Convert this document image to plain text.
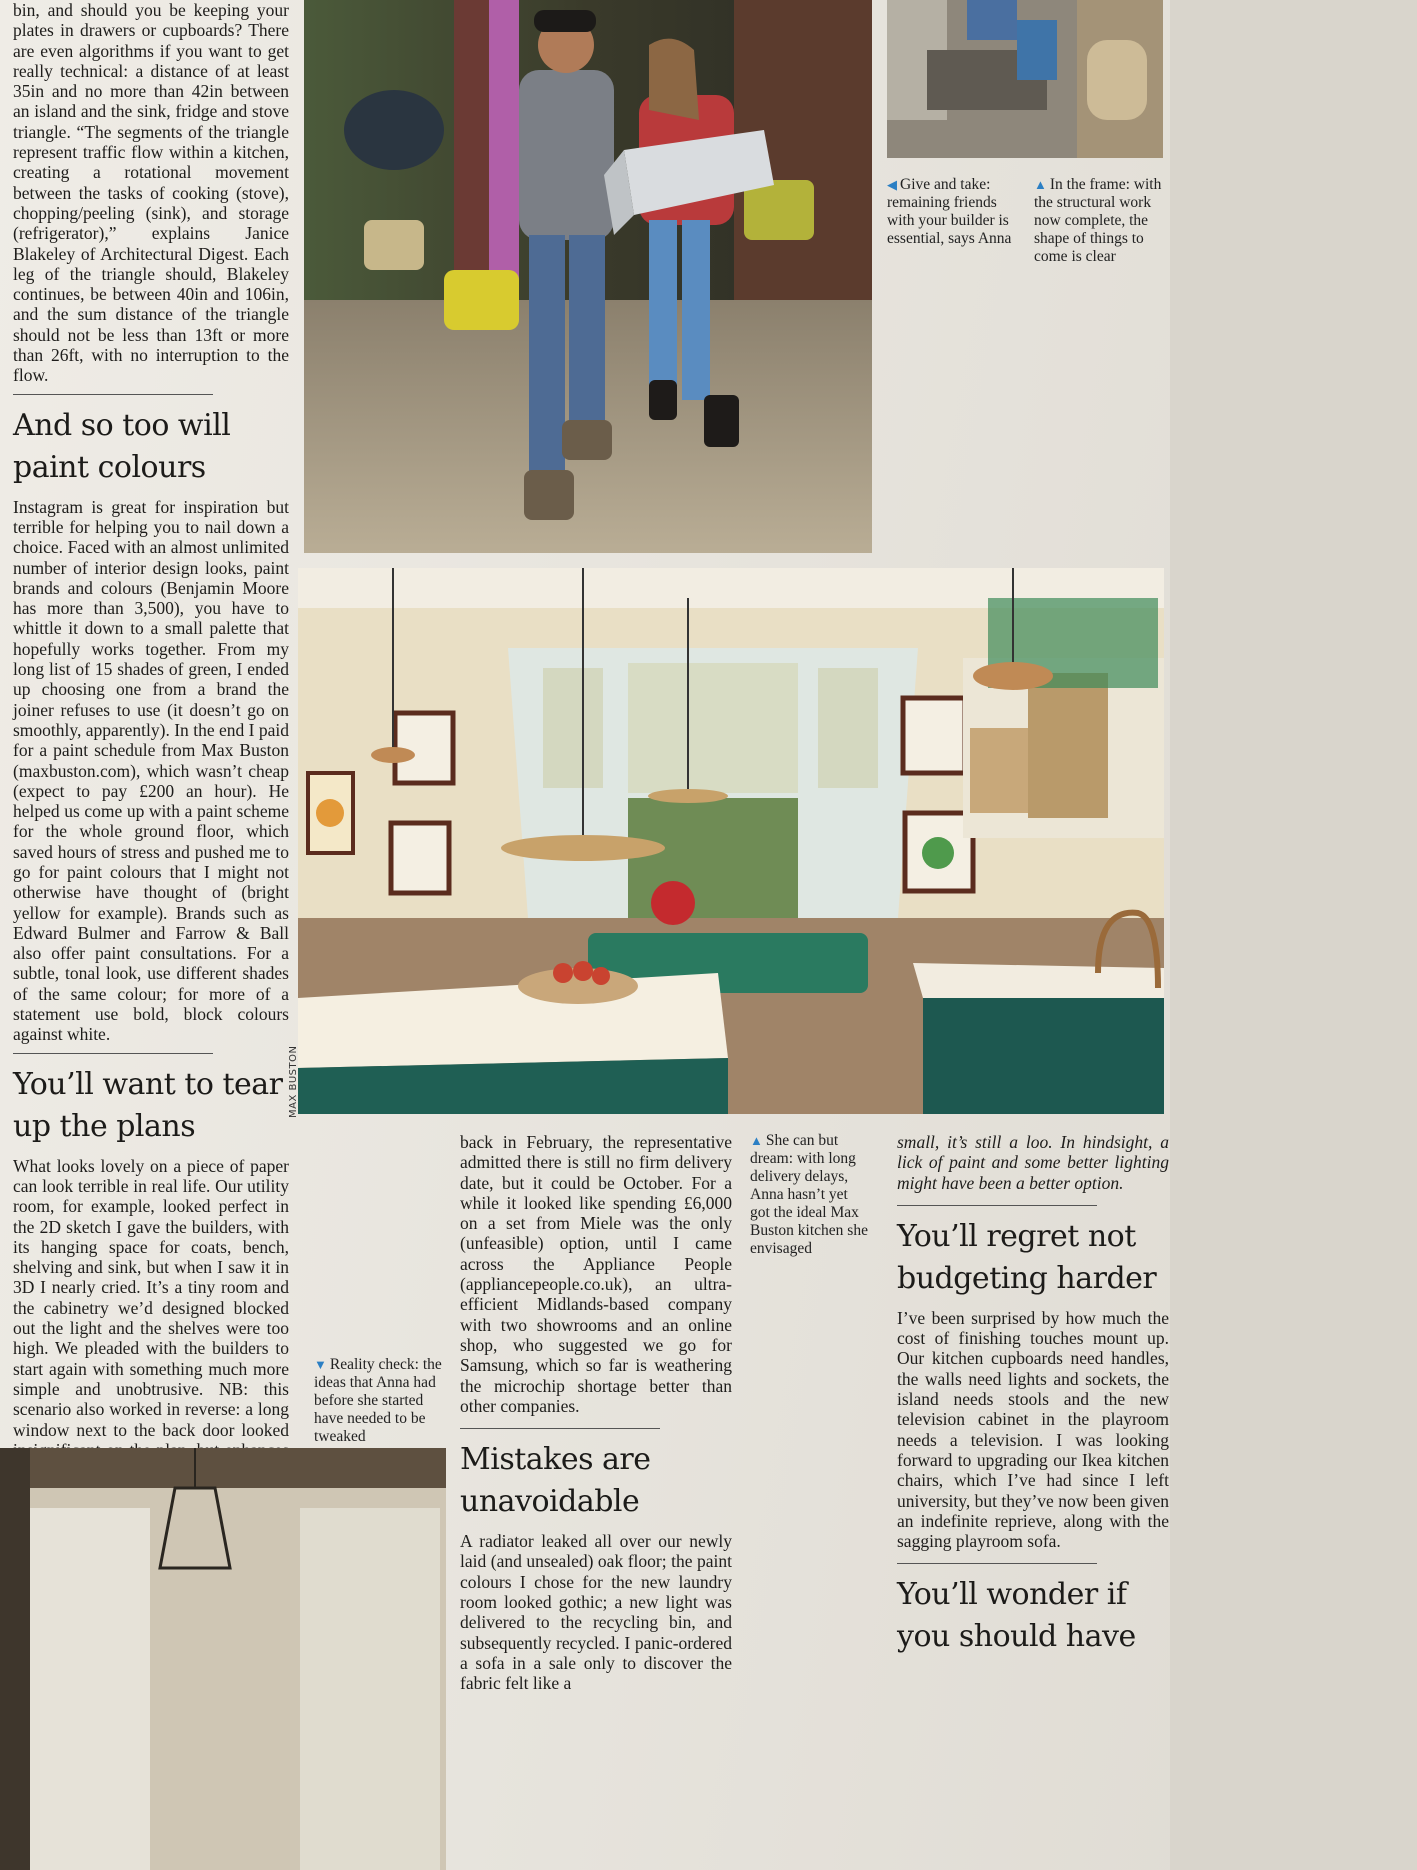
bin, and should you be keeping your plates in drawers or cupboards? There are even algorithms if you want to get really technical: a distance of at least 35in and no more than 42in between an island and the sink, fridge and stove triangle. “The segments of the triangle represent traffic flow within a kitchen, creating a rotational movement between the tasks of cooking (stove), chopping/peeling (sink), and storage (refrigerator),” explains Janice Blakeley of Architectural Digest. Each leg of the triangle should, Blakeley continues, be between 40in and 106in, and the sum distance of the triangle should not be less than 13ft or more than 26ft, with no interruption to the flow.

And so too will paint colours

Instagram is great for inspiration but terrible for helping you to nail down a choice. Faced with an almost unlimited number of interior design looks, paint brands and colours (Benjamin Moore has more than 3,500), you have to whittle it down to a small palette that hopefully works together. From my long list of 15 shades of green, I ended up choosing one from a brand the joiner refuses to use (it doesn’t go on smoothly, apparently). In the end I paid for a paint schedule from Max Buston (maxbuston.com), which wasn’t cheap (expect to pay £200 an hour). He helped us come up with a paint scheme for the whole ground floor, which saved hours of stress and pushed me to go for paint colours that I might not otherwise have thought of (bright yellow for example). Brands such as Edward Bulmer and Farrow & Ball also offer paint consultations. For a subtle, tonal look, use different shades of the same colour; for more of a statement use bold, block colours against white.

You’ll want to tear up the plans

What looks lovely on a piece of paper can look terrible in real life. Our utility room, for example, looked perfect in the 2D sketch I gave the builders, with its hanging space for coats, bench, shelving and sink, but when I saw it in 3D I nearly cried. It’s a tiny room and the cabinetry we’d designed blocked out the light and the shelves were too high. We pleaded with the builders to start again with something much more simple and unobtrusive. NB: this scenario also worked in reverse: a long window next to the back door looked

◀ Give and take: remaining friends with your builder is essential, says Anna
▲ In the frame: with the structural work now complete, the shape of things to come is clear
MAX BUSTON
▲ She can but dream: with long delivery delays, Anna hasn’t yet got the ideal Max Buston kitchen she envisaged

back in February, the representative admitted there is still no firm delivery date, but it could be October. For a while it looked like spending £6,000 on a set from Miele was the only (unfeasible) option, until I came across the Appliance People (appliancepeople.co.uk), an ultra-efficient Midlands-based company with two showrooms and an online shop, who suggested we go for Samsung, which so far is weathering the microchip shortage better than other companies.

Mistakes are unavoidable

A radiator leaked all over our newly laid (and unsealed) oak floor; the paint colours I chose for the new laundry room looked gothic; a new light was delivered to the recycling bin, and subsequently recycled. I panic-ordered a sofa in a sale only to discover the fabric felt like a

▼ Reality check: the ideas that Anna had before she started have needed to be tweaked

small, it’s still a loo. In hindsight, a lick of paint and some better lighting might have been a better option.

You’ll regret not budgeting harder

I’ve been surprised by how much the cost of finishing touches mount up. Our kitchen cupboards need handles, the walls need lights and sockets, the island needs stools and the new television cabinet in the playroom needs a television. I was looking forward to upgrading our Ikea kitchen chairs, which I’ve had since I left university, but they’ve now been given an indefinite reprieve, along with the sagging playroom sofa.

You’ll wonder if you should have
